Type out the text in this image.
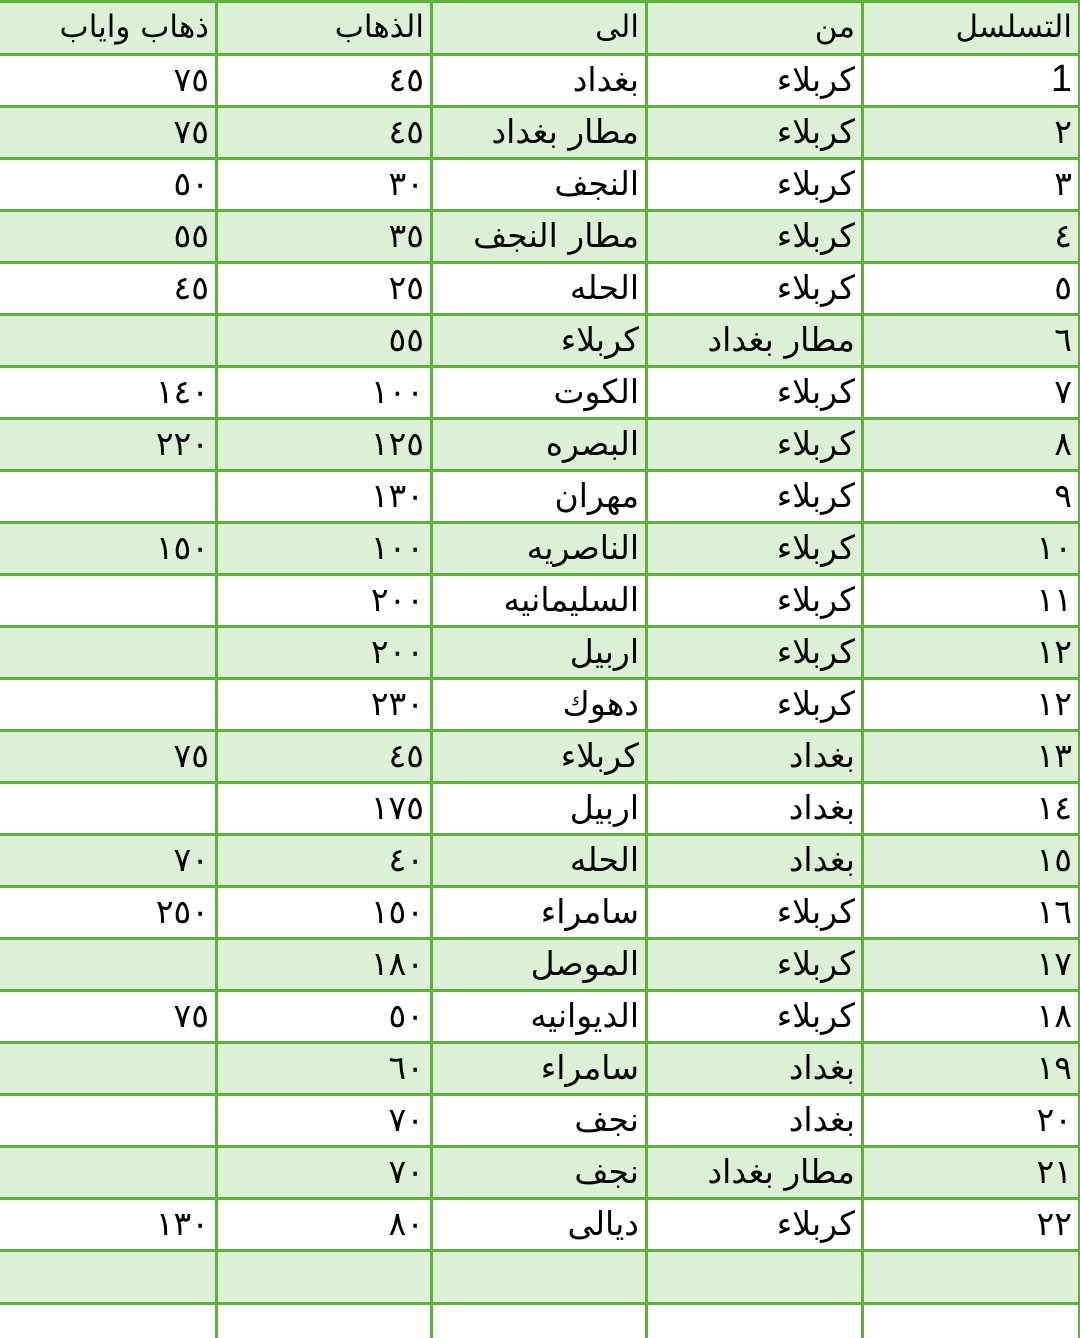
التسلسل	من	الى	الذهاب	ذهاب واياب
1	كربلاء	بغداد	٤٥	٧٥
٢	كربلاء	مطار بغداد	٤٥	٧٥
٣	كربلاء	النجف	٣٠	٥٠
٤	كربلاء	مطار النجف	٣٥	٥٥
٥	كربلاء	الحله	٢٥	٤٥
٦	مطار بغداد	كربلاء	٥٥	
٧	كربلاء	الكوت	١٠٠	١٤٠
٨	كربلاء	البصره	١٢٥	٢٢٠
٩	كربلاء	مهران	١٣٠	
١٠	كربلاء	الناصريه	١٠٠	١٥٠
١١	كربلاء	السليمانيه	٢٠٠	
١٢	كربلاء	اربيل	٢٠٠	
١٢	كربلاء	دهوك	٢٣٠	
١٣	بغداد	كربلاء	٤٥	٧٥
١٤	بغداد	اربيل	١٧٥	
١٥	بغداد	الحله	٤٠	٧٠
١٦	كربلاء	سامراء	١٥٠	٢٥٠
١٧	كربلاء	الموصل	١٨٠	
١٨	كربلاء	الديوانيه	٥٠	٧٥
١٩	بغداد	سامراء	٦٠	
٢٠	بغداد	نجف	٧٠	
٢١	مطار بغداد	نجف	٧٠	
٢٢	كربلاء	ديالى	٨٠	١٣٠
